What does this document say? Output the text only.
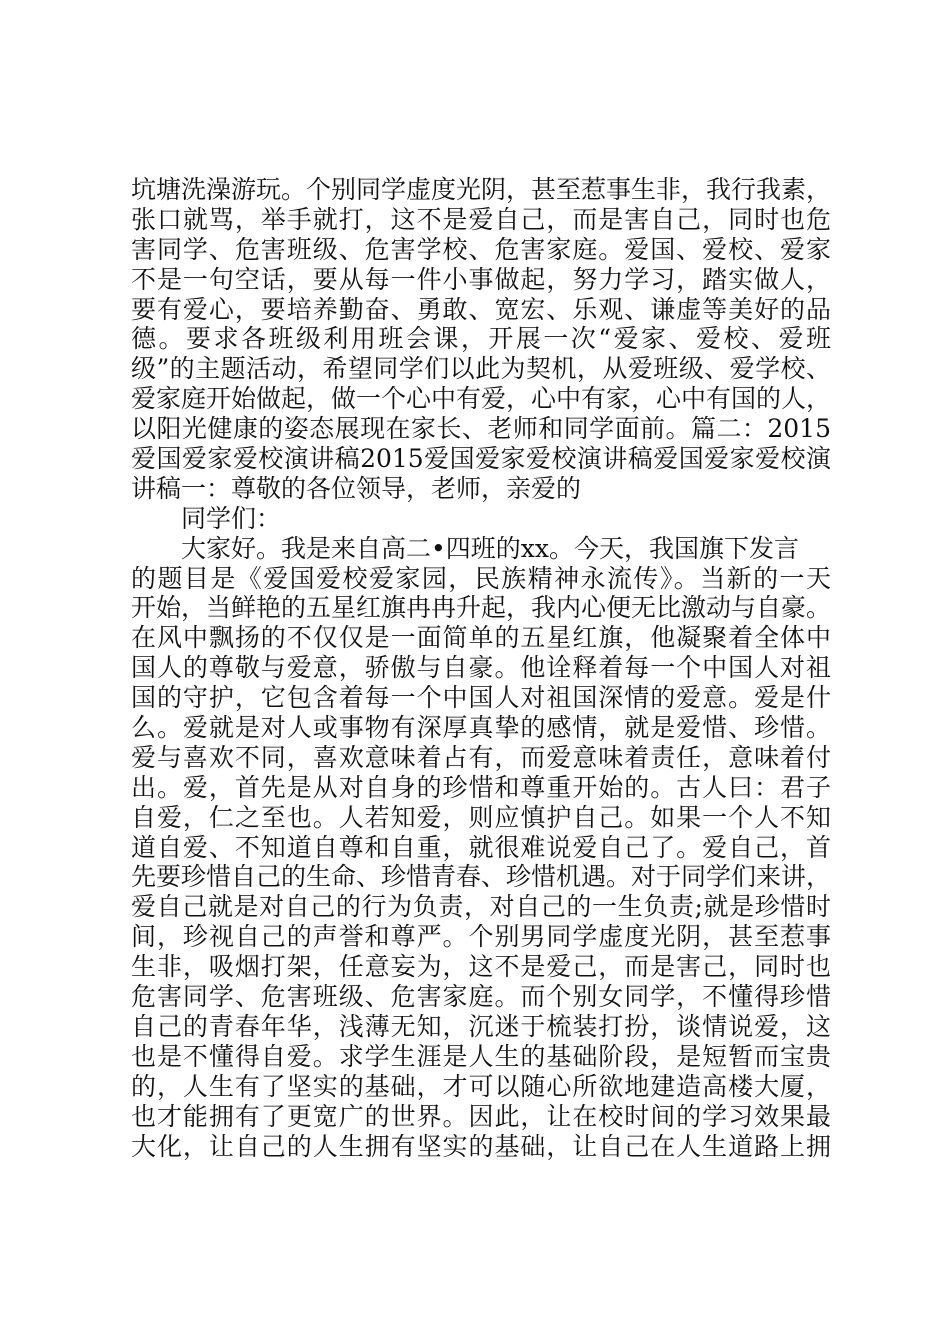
坑塘洗澡游玩。个别同学虚度光阴，甚至惹事生非，我行我素，
张口就骂，举手就打，这不是爱自己，而是害自己，同时也危
害同学、危害班级、危害学校、危害家庭。爱国、爱校、爱家
不是一句空话，要从每一件小事做起，努力学习，踏实做人，
要有爱心，要培养勤奋、勇敢、宽宏、乐观、谦虚等美好的品
德。要求各班级利用班会课，开展一次“爱家、爱校、爱班
级”的主题活动，希望同学们以此为契机，从爱班级、爱学校、
爱家庭开始做起，做一个心中有爱，心中有家，心中有国的人，
以阳光健康的姿态展现在家长、老师和同学面前。篇二：2015
爱国爱家爱校演讲稿2015爱国爱家爱校演讲稿爱国爱家爱校演
讲稿一：尊敬的各位领导，老师，亲爱的
同学们：
大家好。我是来自高二•四班的xx。今天，我国旗下发言
的题目是《爱国爱校爱家园，民族精神永流传》。当新的一天
开始，当鲜艳的五星红旗冉冉升起，我内心便无比激动与自豪。
在风中飘扬的不仅仅是一面简单的五星红旗，他凝聚着全体中
国人的尊敬与爱意，骄傲与自豪。他诠释着每一个中国人对祖
国的守护，它包含着每一个中国人对祖国深情的爱意。爱是什
么。爱就是对人或事物有深厚真挚的感情，就是爱惜、珍惜。
爱与喜欢不同，喜欢意味着占有，而爱意味着责任，意味着付
出。爱，首先是从对自身的珍惜和尊重开始的。古人曰：君子
自爱，仁之至也。人若知爱，则应慎护自己。如果一个人不知
道自爱、不知道自尊和自重，就很难说爱自己了。爱自己，首
先要珍惜自己的生命、珍惜青春、珍惜机遇。对于同学们来讲，
爱自己就是对自己的行为负责，对自己的一生负责;就是珍惜时
间，珍视自己的声誉和尊严。个别男同学虚度光阴，甚至惹事
生非，吸烟打架，任意妄为，这不是爱己，而是害己，同时也
危害同学、危害班级、危害家庭。而个别女同学，不懂得珍惜
自己的青春年华，浅薄无知，沉迷于梳装打扮，谈情说爱，这
也是不懂得自爱。求学生涯是人生的基础阶段，是短暂而宝贵
的，人生有了坚实的基础，才可以随心所欲地建造高楼大厦，
也才能拥有了更宽广的世界。因此，让在校时间的学习效果最
大化，让自己的人生拥有坚实的基础，让自己在人生道路上拥
